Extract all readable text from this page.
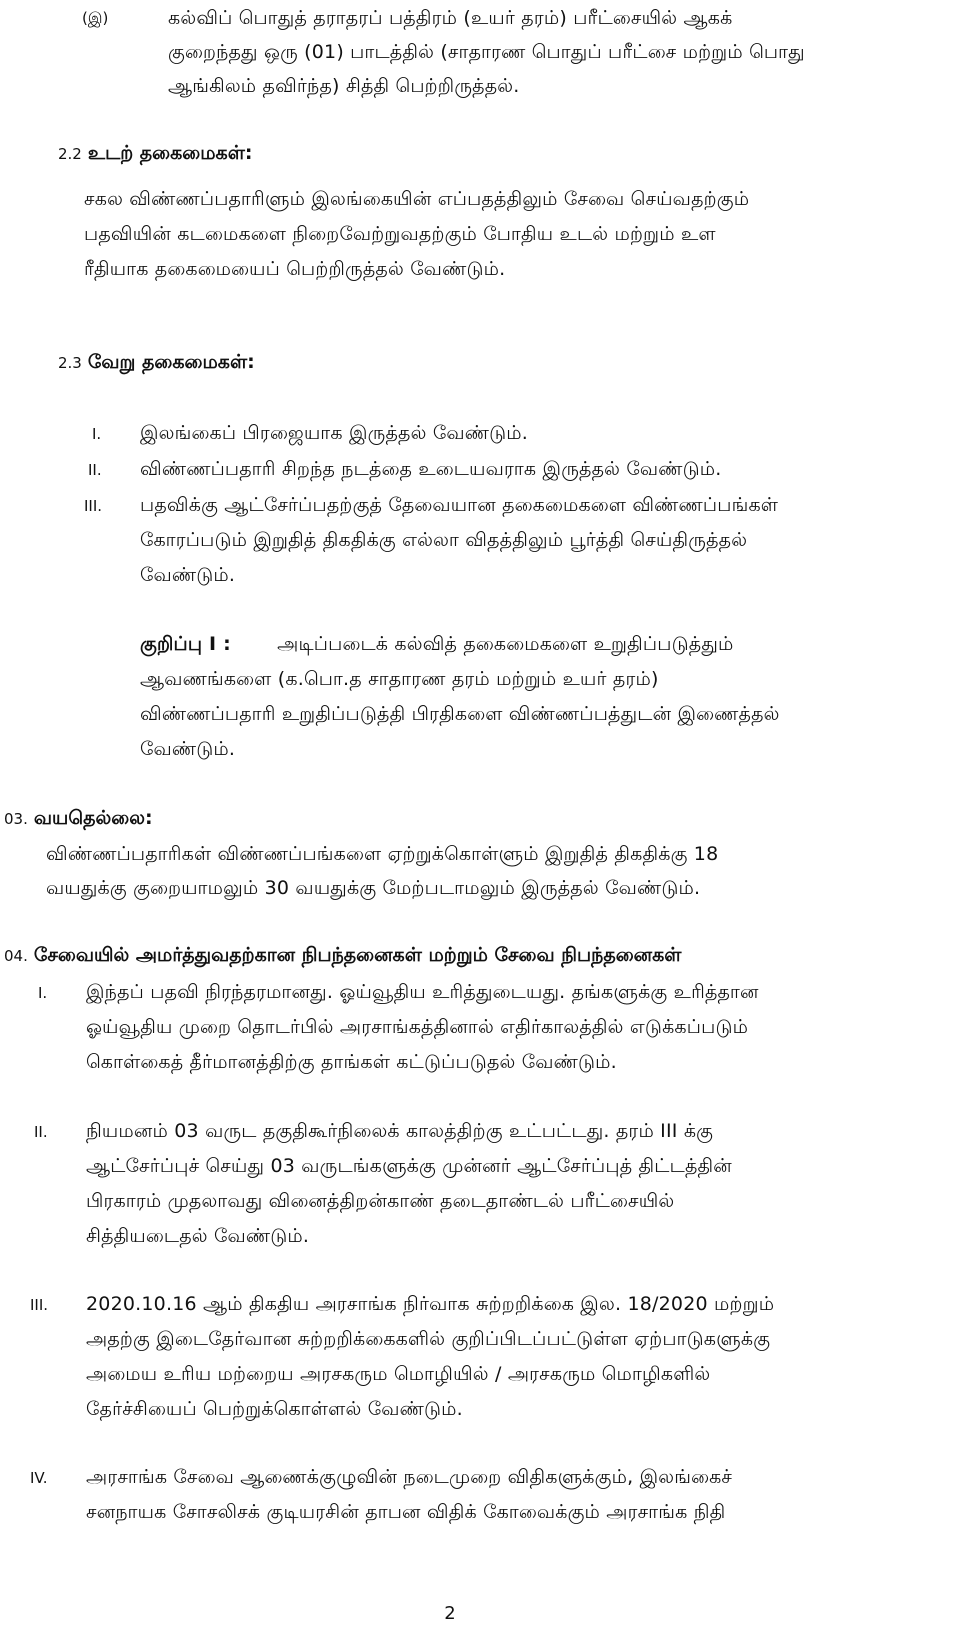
(இ)	கல்விப் பொதுத் தராதரப் பத்திரம் (உயர் தரம்) பரீட்சையில் ஆகக்
குறைந்தது ஒரு (01) பாடத்தில் (சாதாரண பொதுப் பரீட்சை மற்றும் பொது
ஆங்கிலம் தவிர்ந்த) சித்தி பெற்றிருத்தல்.
2.2 உடற் தகைமைகள்:
சகல விண்ணப்பதாரிளும் இலங்கையின் எப்பதத்திலும் சேவை செய்வதற்கும்
பதவியின் கடமைகளை நிறைவேற்றுவதற்கும் போதிய உடல் மற்றும் உள
ரீதியாக தகைமையைப் பெற்றிருத்தல் வேண்டும்.
2.3 வேறு தகைமைகள்:
I. இலங்கைப் பிரஜையாக இருத்தல் வேண்டும்.
II. விண்ணப்பதாரி சிறந்த நடத்தை உடையவராக இருத்தல் வேண்டும்.
III. பதவிக்கு ஆட்சேர்ப்பதற்குத் தேவையான தகைமைகளை விண்ணப்பங்கள்
கோரப்படும் இறுதித் திகதிக்கு எல்லா விதத்திலும் பூர்த்தி செய்திருத்தல்
வேண்டும்.
குறிப்பு I : அடிப்படைக் கல்வித் தகைமைகளை உறுதிப்படுத்தும்
ஆவணங்களை (க.பொ.த சாதாரண தரம் மற்றும் உயர் தரம்)
விண்ணப்பதாரி உறுதிப்படுத்தி பிரதிகளை விண்ணப்பத்துடன் இணைத்தல்
வேண்டும்.
03. வயதெல்லை:
விண்ணப்பதாரிகள் விண்ணப்பங்களை ஏற்றுக்கொள்ளும் இறுதித் திகதிக்கு 18
வயதுக்கு குறையாமலும் 30 வயதுக்கு மேற்படாமலும் இருத்தல் வேண்டும்.
04. சேவையில் அமர்த்துவதற்கான நிபந்தனைகள் மற்றும் சேவை நிபந்தனைகள்
I. இந்தப் பதவி நிரந்தரமானது. ஓய்வூதிய உரித்துடையது. தங்களுக்கு உரித்தான
ஓய்வூதிய முறை தொடர்பில் அரசாங்கத்தினால் எதிர்காலத்தில் எடுக்கப்படும்
கொள்கைத் தீர்மானத்திற்கு தாங்கள் கட்டுப்படுதல் வேண்டும்.
II. நியமனம் 03 வருட தகுதிகூர்நிலைக் காலத்திற்கு உட்பட்டது. தரம் III க்கு
ஆட்சேர்ப்புச் செய்து 03 வருடங்களுக்கு முன்னர் ஆட்சேர்ப்புத் திட்டத்தின்
பிரகாரம் முதலாவது வினைத்திறன்காண் தடைதாண்டல் பரீட்சையில்
சித்தியடைதல் வேண்டும்.
III. 2020.10.16 ஆம் திகதிய அரசாங்க நிர்வாக சுற்றறிக்கை இல. 18/2020 மற்றும்
அதற்கு இடைதேர்வான சுற்றறிக்கைகளில் குறிப்பிடப்பட்டுள்ள ஏற்பாடுகளுக்கு
அமைய உரிய மற்றைய அரசகரும மொழியில் / அரசகரும மொழிகளில்
தேர்ச்சியைப் பெற்றுக்கொள்ளல் வேண்டும்.
IV. அரசாங்க சேவை ஆணைக்குழுவின் நடைமுறை விதிகளுக்கும், இலங்கைச்
சனநாயக சோசலிசக் குடியரசின் தாபன விதிக் கோவைக்கும் அரசாங்க நிதி
2
